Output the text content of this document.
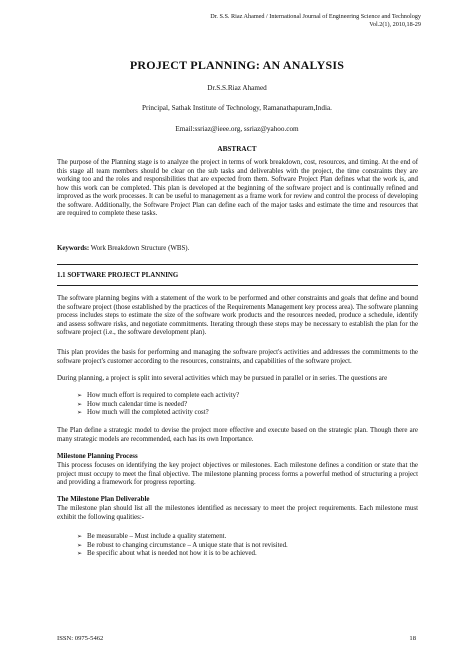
Dr. S.S. Riaz Ahamed / International Journal of Engineering Science and Technology
Vol.2(1), 2010,18-29
PROJECT PLANNING: AN ANALYSIS
Dr.S.S.Riaz Ahamed
Principal, Sathak Institute of Technology, Ramanathapuram,India.
Email:ssriaz@ieee.org, ssriaz@yahoo.com
ABSTRACT

The purpose of the Planning stage is to analyze the project in terms of work breakdown, cost, resources, and timing. At the end of this stage all team members should be clear on the sub tasks and deliverables with the project, the time constraints they are working too and the roles and responsibilities that are expected from them. Software Project Plan defines what the work is, and how this work can be completed. This plan is developed at the beginning of the software project and is continually refined and improved as the work processes. It can be useful to management as a frame work for review and control the process of developing the software. Additionally, the Software Project Plan can define each of the major tasks and estimate the time and resources that are required to complete these tasks.

Keywords: Work Breakdown Structure (WBS).

1.1 SOFTWARE PROJECT PLANNING

The software planning begins with a statement of the work to be performed and other constraints and goals that define and bound the software project (those established by the practices of the Requirements Management key process area). The software planning process includes steps to estimate the size of the software work products and the resources needed, produce a schedule, identify and assess software risks, and negotiate commitments. Iterating through these steps may be necessary to establish the plan for the software project (i.e., the software development plan).

This plan provides the basis for performing and managing the software project's activities and addresses the commitments to the software project's customer according to the resources, constraints, and capabilities of the software project.

During planning, a project is split into several activities which may be pursued in parallel or in series. The questions are

➢ How much effort is required to complete each activity?
➢ How much calendar time is needed?
➢ How much will the completed activity cost?

The Plan define a strategic model to devise the project more effective and execute based on the strategic plan. Though there are many strategic models are recommended, each has its own Importance.

Milestone Planning Process

This process focuses on identifying the key project objectives or milestones. Each milestone defines a condition or state that the project must occupy to meet the final objective. The milestone planning process forms a powerful method of structuring a project and providing a framework for progress reporting.

The Milestone Plan Deliverable

The milestone plan should list all the milestones identified as necessary to meet the project requirements. Each milestone must exhibit the following qualities:-

➢ Be measurable – Must include a quality statement.
➢ Be robust to changing circumstance – A unique state that is not revisited.
➢ Be specific about what is needed not how it is to be achieved.
ISSN: 0975-5462	18
